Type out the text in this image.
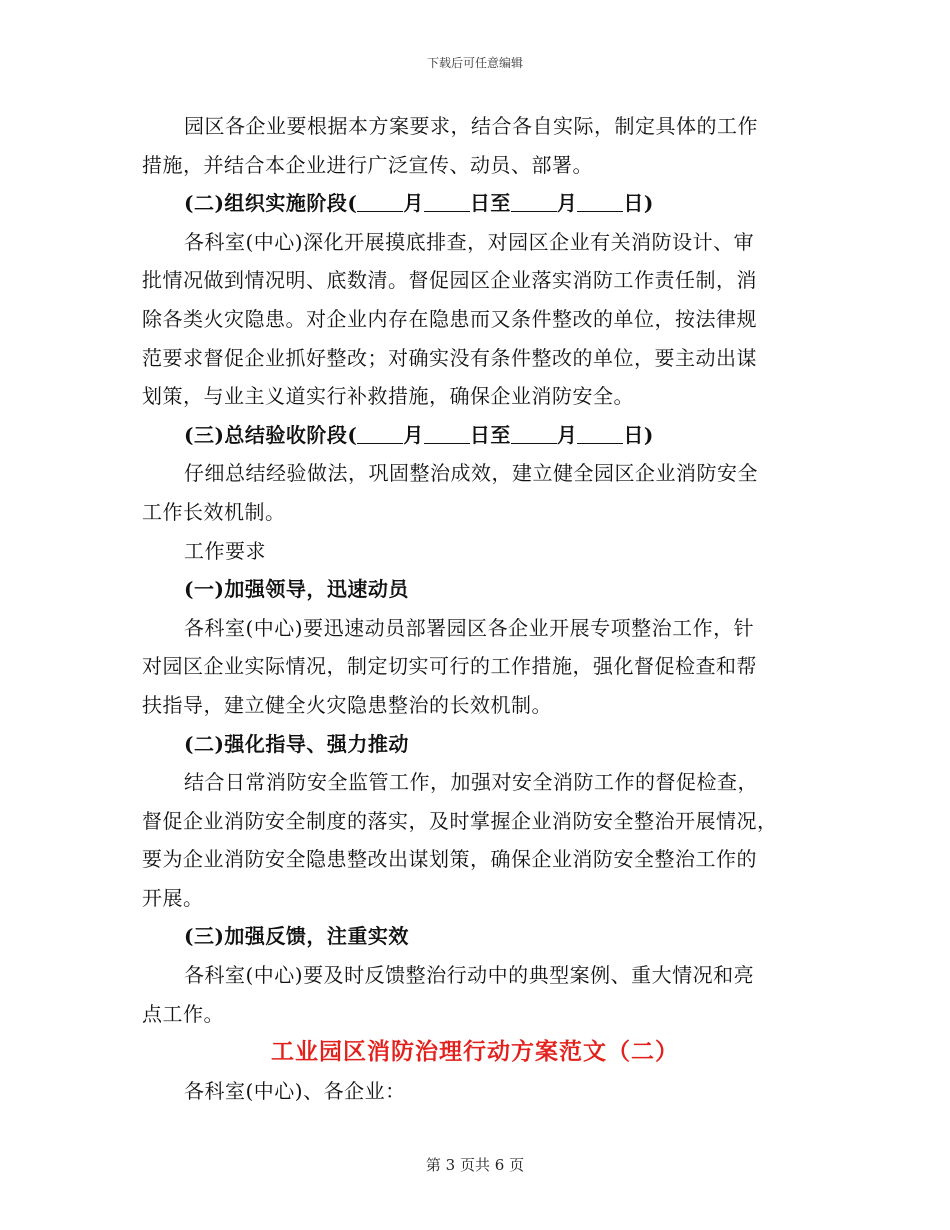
下载后可任意编辑
园区各企业要根据本方案要求，结合各自实际，制定具体的工作
措施，并结合本企业进行广泛宣传、动员、部署。
(二)组织实施阶段( 月 日至 月 日)
各科室(中心)深化开展摸底排查，对园区企业有关消防设计、审
批情况做到情况明、底数清。督促园区企业落实消防工作责任制，消
除各类火灾隐患。对企业内存在隐患而又条件整改的单位，按法律规
范要求督促企业抓好整改；对确实没有条件整改的单位，要主动出谋
划策，与业主义道实行补救措施，确保企业消防安全。
(三)总结验收阶段( 月 日至 月 日)
仔细总结经验做法，巩固整治成效，建立健全园区企业消防安全
工作长效机制。
工作要求
(一)加强领导，迅速动员
各科室(中心)要迅速动员部署园区各企业开展专项整治工作，针
对园区企业实际情况，制定切实可行的工作措施，强化督促检查和帮
扶指导，建立健全火灾隐患整治的长效机制。
(二)强化指导、强力推动
结合日常消防安全监管工作，加强对安全消防工作的督促检查，
督促企业消防安全制度的落实，及时掌握企业消防安全整治开展情况，
要为企业消防安全隐患整改出谋划策，确保企业消防安全整治工作的
开展。
(三)加强反馈，注重实效
各科室(中心)要及时反馈整治行动中的典型案例、重大情况和亮
点工作。
工业园区消防治理行动方案范文（二）
各科室(中心)、各企业：
第 3 页共 6 页
